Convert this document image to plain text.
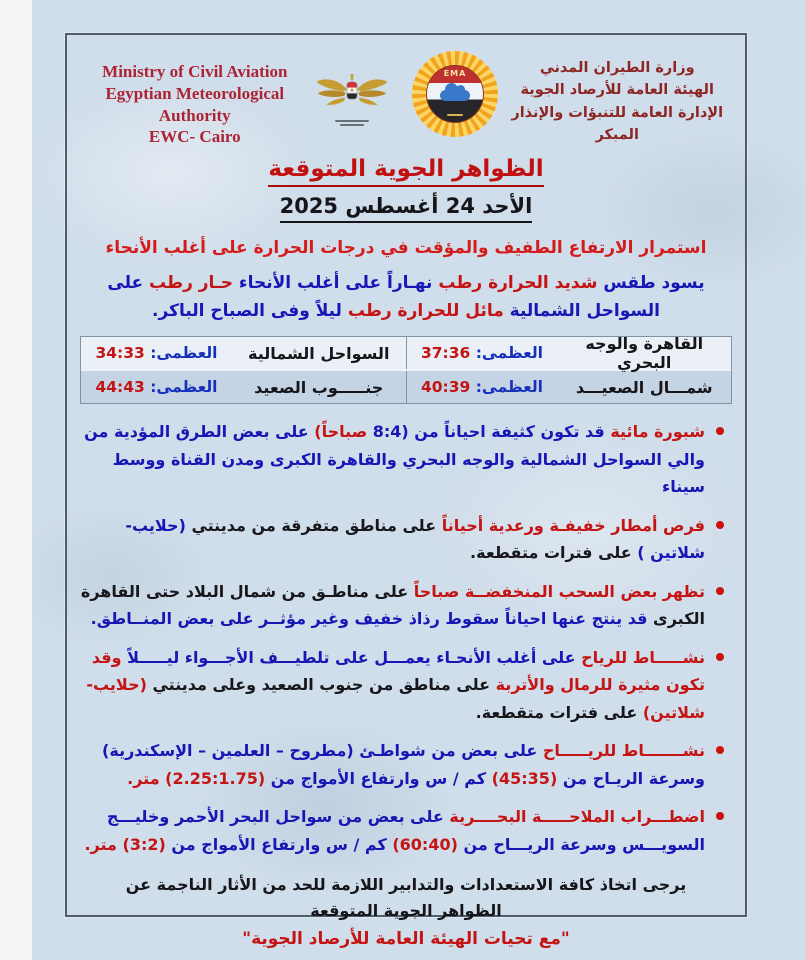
Ministry of Civil Aviation
Egyptian Meteorological Authority
EWC- Cairo
EMA	وزارة الطيران المدني
الهيئة العامة للأرصاد الجوية
الإدارة العامة للتنبؤات والإنذار المبكر
الظواهر الجوية المتوقعة
الأحد 24 أغسطس 2025
استمرار الارتفاع الطفيف والمؤقت في درجات الحرارة على أغلب الأنحاء
يسود طقس شديد الحرارة رطب نهـاراً على أغلب الأنحاء حـار رطب على السواحل الشمالية مائل للحرارة رطب ليلاً وفى الصباح الباكر.
القاهرة والوجه البحري
العظمى: 37:36
السواحل الشمالية
العظمى: 34:33
شمـــال الصعيـــد
العظمى: 40:39
جنـــــوب الصعيد
العظمى: 44:43
شبورة مائية قد تكون كثيفة احياناً من (8:4 صباحاً) على بعض الطرق المؤدية من والي السواحل الشمالية والوجه البحري والقاهرة الكبرى ومدن القناة ووسط سيناء
فرص أمطار خفيفـة ورعدية أحياناً على مناطق متفرقة من مدينتي (حلايب- شلاتين ) على فترات متقطعة.
تظهر بعض السحب المنخفضــة صباحاً على مناطـق من شمال البلاد حتى القاهرة الكبرى قد ينتج عنها احياناً سقوط رذاذ خفيف وغير مؤثــر على بعض المنــاطق.
نشـــــاط للرياح على أغلب الأنحـاء يعمـــل على تلطيـــف الأجـــواء ليـــــلاً وقد تكون مثيرة للرمال والأتربة على مناطق من جنوب الصعيد وعلى مدينتي (حلايب- شلاتين) على فترات متقطعة.
نشـــــــاط للريـــــاح على بعض من شواطـئ (مطروح – العلمين – الإسكندرية) وسرعة الريـاح من (45:35) كم / س وارتفاع الأمواج من (2.25:1.75) متر.
اضطـــراب الملاحـــــة البحــــرية على بعض من سواحل البحر الأحمر وخليـــج السويـــس وسرعة الريـــاح من (60:40) كم / س وارتفاع الأمواج من (3:2) متر.
يرجى اتخاذ كافة الاستعدادات والتدابير اللازمة للحد من الأثار الناجمة عن
الظواهر الجوية المتوقعة
"مع تحيات الهيئة العامة للأرصاد الجوية"
